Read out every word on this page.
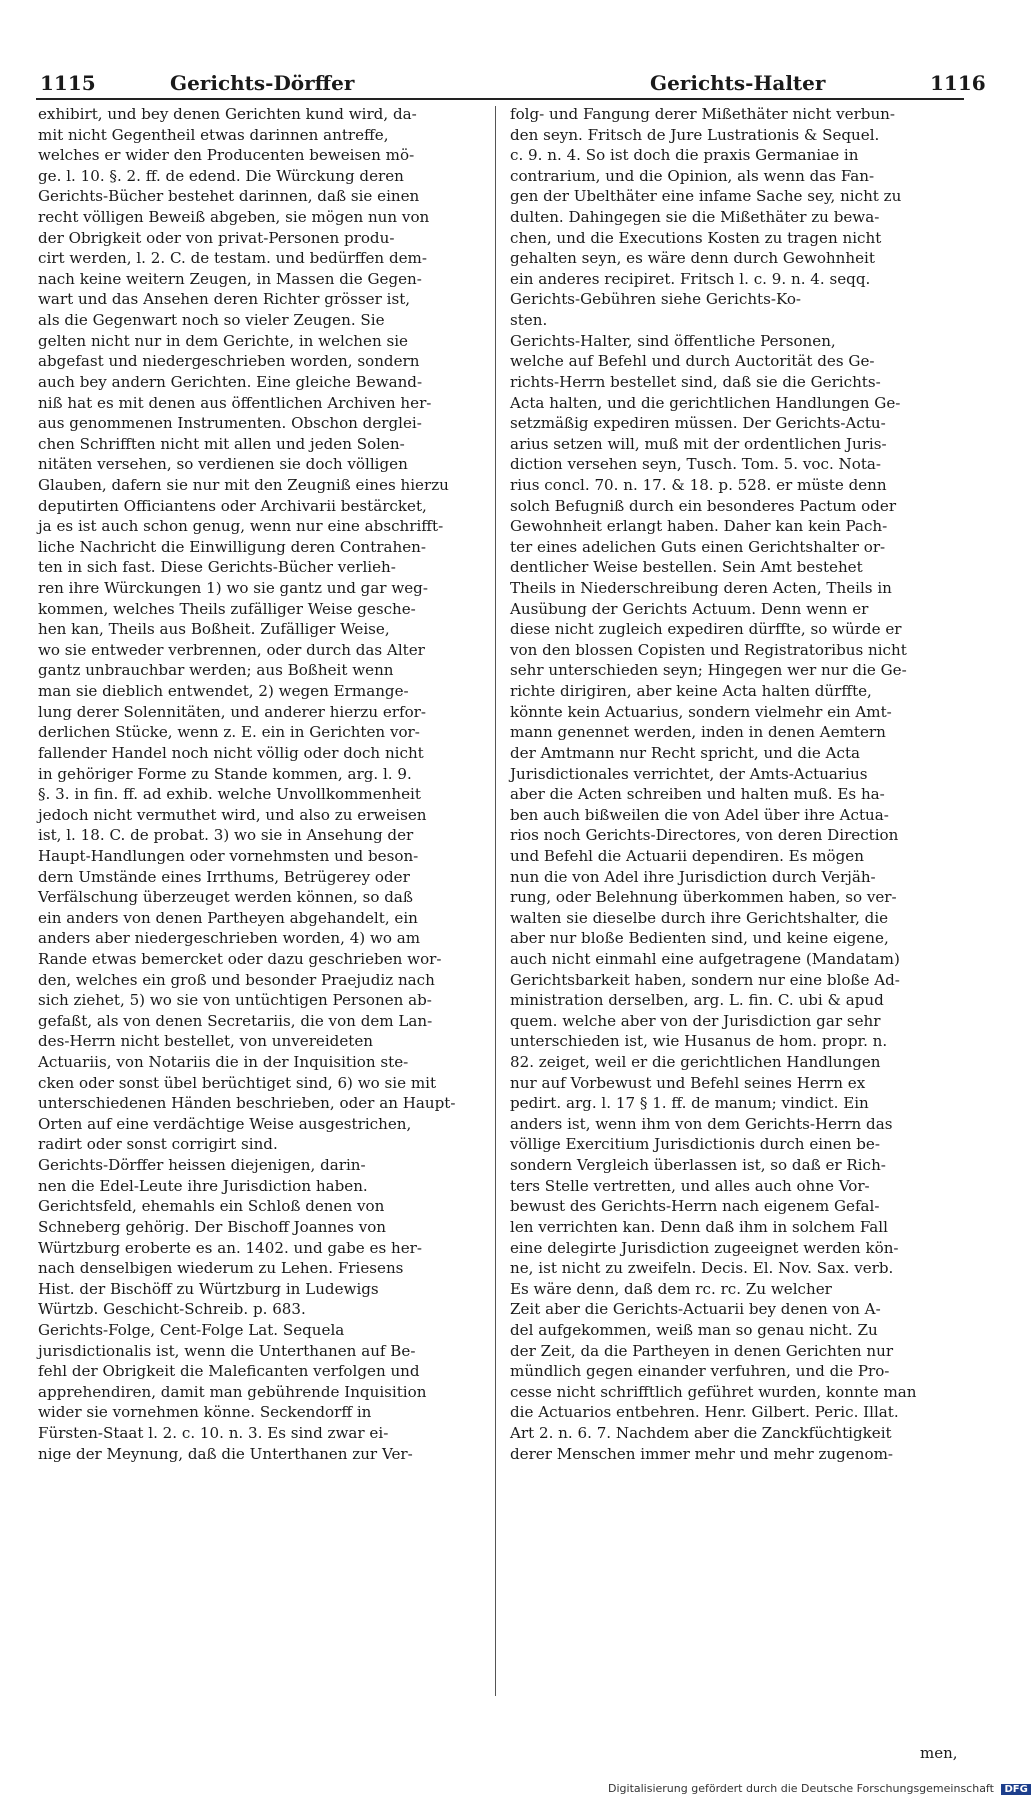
1115	Gerichts-Dörffer	Gerichts-Halter	1116
exhibirt, und bey denen Gerichten kund wird, da-
mit nicht Gegentheil etwas darinnen antreffe,
welches er wider den Producenten beweisen mö-
ge. l. 10. §. 2. ff. de edend. Die Würckung deren
Gerichts-Bücher bestehet darinnen, daß sie einen
recht völligen Beweiß abgeben, sie mögen nun von
der Obrigkeit oder von privat-Personen produ-
cirt werden, l. 2. C. de testam. und bedürffen dem-
nach keine weitern Zeugen, in Massen die Gegen-
wart und das Ansehen deren Richter grösser ist,
als die Gegenwart noch so vieler Zeugen. Sie
gelten nicht nur in dem Gerichte, in welchen sie
abgefast und niedergeschrieben worden, sondern
auch bey andern Gerichten. Eine gleiche Bewand-
niß hat es mit denen aus öffentlichen Archiven her-
aus genommenen Instrumenten. Obschon derglei-
chen Schrifften nicht mit allen und jeden Solen-
nitäten versehen, so verdienen sie doch völligen
Glauben, dafern sie nur mit den Zeugniß eines hierzu
deputirten Officiantens oder Archivarii bestärcket,
ja es ist auch schon genug, wenn nur eine abschrifft-
liche Nachricht die Einwilligung deren Contrahen-
ten in sich fast. Diese Gerichts-Bücher verlieh-
ren ihre Würckungen 1) wo sie gantz und gar weg-
kommen, welches Theils zufälliger Weise gesche-
hen kan, Theils aus Boßheit. Zufälliger Weise,
wo sie entweder verbrennen, oder durch das Alter
gantz unbrauchbar werden; aus Boßheit wenn
man sie dieblich entwendet, 2) wegen Ermange-
lung derer Solennitäten, und anderer hierzu erfor-
derlichen Stücke, wenn z. E. ein in Gerichten vor-
fallender Handel noch nicht völlig oder doch nicht
in gehöriger Forme zu Stande kommen, arg. l. 9.
§. 3. in fin. ff. ad exhib. welche Unvollkommenheit
jedoch nicht vermuthet wird, und also zu erweisen
ist, l. 18. C. de probat. 3) wo sie in Ansehung der
Haupt-Handlungen oder vornehmsten und beson-
dern Umstände eines Irrthums, Betrügerey oder
Verfälschung überzeuget werden können, so daß
ein anders von denen Partheyen abgehandelt, ein
anders aber niedergeschrieben worden, 4) wo am
Rande etwas bemercket oder dazu geschrieben wor-
den, welches ein groß und besonder Praejudiz nach
sich ziehet, 5) wo sie von untüchtigen Personen ab-
gefaßt, als von denen Secretariis, die von dem Lan-
des-Herrn nicht bestellet, von unvereideten
Actuariis, von Notariis die in der Inquisition ste-
cken oder sonst übel berüchtiget sind, 6) wo sie mit
unterschiedenen Händen beschrieben, oder an Haupt-
Orten auf eine verdächtige Weise ausgestrichen,
radirt oder sonst corrigirt sind.
Gerichts-Dörffer heissen diejenigen, darin-
nen die Edel-Leute ihre Jurisdiction haben.
Gerichtsfeld, ehemahls ein Schloß denen von
Schneberg gehörig. Der Bischoff Joannes von
Würtzburg eroberte es an. 1402. und gabe es her-
nach denselbigen wiederum zu Lehen. Friesens
Hist. der Bischöff zu Würtzburg in Ludewigs
Würtzb. Geschicht-Schreib. p. 683.
Gerichts-Folge, Cent-Folge Lat. Sequela
jurisdictionalis ist, wenn die Unterthanen auf Be-
fehl der Obrigkeit die Maleficanten verfolgen und
apprehendiren, damit man gebührende Inquisition
wider sie vornehmen könne. Seckendorff in
Fürsten-Staat l. 2. c. 10. n. 3. Es sind zwar ei-
nige der Meynung, daß die Unterthanen zur Ver-
folg- und Fangung derer Mißethäter nicht verbun-
den seyn. Fritsch de Jure Lustrationis & Sequel.
c. 9. n. 4. So ist doch die praxis Germaniae in
contrarium, und die Opinion, als wenn das Fan-
gen der Ubelthäter eine infame Sache sey, nicht zu
dulten. Dahingegen sie die Mißethäter zu bewa-
chen, und die Executions Kosten zu tragen nicht
gehalten seyn, es wäre denn durch Gewohnheit
ein anderes recipiret. Fritsch l. c. 9. n. 4. seqq.
Gerichts-Gebühren siehe Gerichts-Ko-
sten.
Gerichts-Halter, sind öffentliche Personen,
welche auf Befehl und durch Auctorität des Ge-
richts-Herrn bestellet sind, daß sie die Gerichts-
Acta halten, und die gerichtlichen Handlungen Ge-
setzmäßig expediren müssen. Der Gerichts-Actu-
arius setzen will, muß mit der ordentlichen Juris-
diction versehen seyn, Tusch. Tom. 5. voc. Nota-
rius concl. 70. n. 17. & 18. p. 528. er müste denn
solch Befugniß durch ein besonderes Pactum oder
Gewohnheit erlangt haben. Daher kan kein Pach-
ter eines adelichen Guts einen Gerichtshalter or-
dentlicher Weise bestellen. Sein Amt bestehet
Theils in Niederschreibung deren Acten, Theils in
Ausübung der Gerichts Actuum. Denn wenn er
diese nicht zugleich expediren dürffte, so würde er
von den blossen Copisten und Registratoribus nicht
sehr unterschieden seyn; Hingegen wer nur die Ge-
richte dirigiren, aber keine Acta halten dürffte,
könnte kein Actuarius, sondern vielmehr ein Amt-
mann genennet werden, inden in denen Aemtern
der Amtmann nur Recht spricht, und die Acta
Jurisdictionales verrichtet, der Amts-Actuarius
aber die Acten schreiben und halten muß. Es ha-
ben auch bißweilen die von Adel über ihre Actua-
rios noch Gerichts-Directores, von deren Direction
und Befehl die Actuarii dependiren. Es mögen
nun die von Adel ihre Jurisdiction durch Verjäh-
rung, oder Belehnung überkommen haben, so ver-
walten sie dieselbe durch ihre Gerichtshalter, die
aber nur bloße Bedienten sind, und keine eigene,
auch nicht einmahl eine aufgetragene (Mandatam)
Gerichtsbarkeit haben, sondern nur eine bloße Ad-
ministration derselben, arg. L. fin. C. ubi & apud
quem. welche aber von der Jurisdiction gar sehr
unterschieden ist, wie Husanus de hom. propr. n.
82. zeiget, weil er die gerichtlichen Handlungen
nur auf Vorbewust und Befehl seines Herrn ex
pedirt. arg. l. 17 § 1. ff. de manum; vindict. Ein
anders ist, wenn ihm von dem Gerichts-Herrn das
völlige Exercitium Jurisdictionis durch einen be-
sondern Vergleich überlassen ist, so daß er Rich-
ters Stelle vertretten, und alles auch ohne Vor-
bewust des Gerichts-Herrn nach eigenem Gefal-
len verrichten kan. Denn daß ihm in solchem Fall
eine delegirte Jurisdiction zugeeignet werden kön-
ne, ist nicht zu zweifeln. Decis. El. Nov. Sax. verb.
Es wäre denn, daß dem rc. rc. Zu welcher
Zeit aber die Gerichts-Actuarii bey denen von A-
del aufgekommen, weiß man so genau nicht. Zu
der Zeit, da die Partheyen in denen Gerichten nur
mündlich gegen einander verfuhren, und die Pro-
cesse nicht schrifftlich geführet wurden, konnte man
die Actuarios entbehren. Henr. Gilbert. Peric. Illat.
Art 2. n. 6. 7. Nachdem aber die Zanckfüchtigkeit
derer Menschen immer mehr und mehr zugenom-
men,
Digitalisierung gefördert durch die Deutsche Forschungsgemeinschaft DFG
